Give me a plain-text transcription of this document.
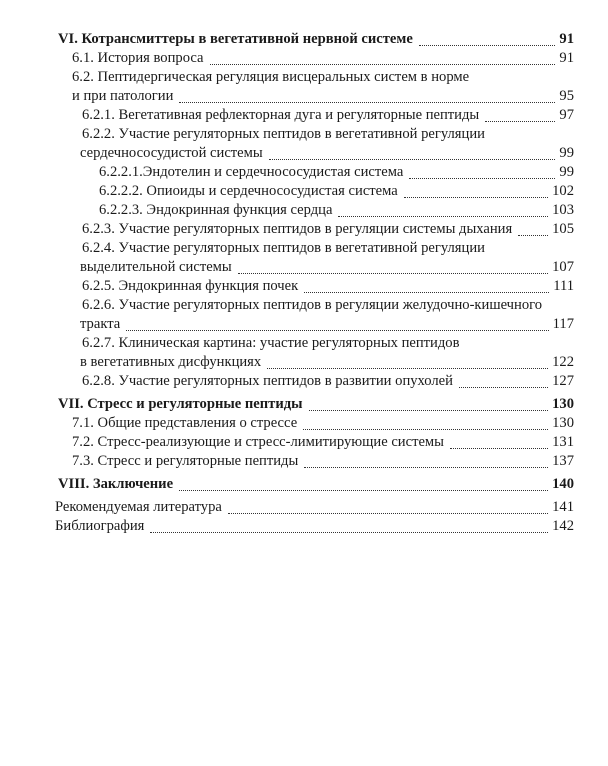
VI. Котрансмиттеры в вегетативной нервной системе	91
6.1. История вопроса	91
6.2. Пептидергическая регуляция висцеральных систем в норме
и при патологии	95
6.2.1. Вегетативная рефлекторная дуга и регуляторные пептиды	97
6.2.2. Участие регуляторных пептидов в вегетативной регуляции
сердечнососудистой системы	99
6.2.2.1.Эндотелин и сердечнососудистая система	99
6.2.2.2. Опиоиды и сердечнососудистая система	102
6.2.2.3. Эндокринная функция сердца	103
6.2.3. Участие регуляторных пептидов в регуляции системы дыхания	105
6.2.4. Участие регуляторных пептидов в вегетативной регуляции
выделительной системы	107
6.2.5. Эндокринная функция почек	111
6.2.6. Участие регуляторных пептидов в регуляции желудочно-кишечного
тракта	117
6.2.7. Клиническая картина: участие регуляторных пептидов
в вегетативных дисфункциях	122
6.2.8. Участие регуляторных пептидов в развитии опухолей	127
VII. Стресс и регуляторные пептиды	130
7.1. Общие представления о стрессе	130
7.2. Стресс-реализующие и стресс-лимитирующие системы	131
7.3. Стресс и регуляторные пептиды	137
VIII. Заключение	140
Рекомендуемая литература	141
Библиография	142
